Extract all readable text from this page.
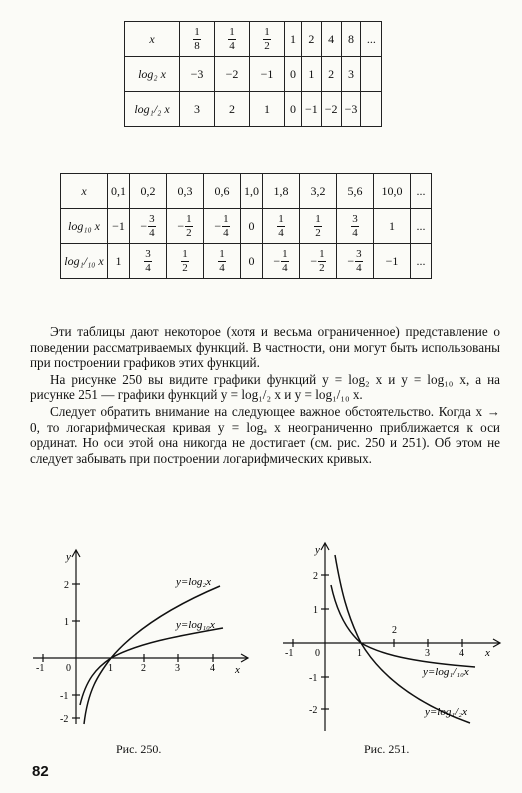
x	$\frac{1}{8}$	$\frac{1}{4}$	$\frac{1}{2}$	1	2	4	8	...
log₂ x	−3	−2	−1	0	1	2	3	
log₁/₂ x	3	2	1	0	−1	−2	−3	
x	0,1	0,2	0,3	0,6	1,0	1,8	3,2	5,6	10,0	...
log₁₀ x	−1	− $\frac{3}{4}$	− $\frac{1}{2}$	− $\frac{1}{4}$	0	$\frac{1}{4}$	$\frac{1}{2}$	$\frac{3}{4}$	1	...
log₁/₁₀ x	1	$\frac{3}{4}$	$\frac{1}{2}$	$\frac{1}{4}$	0	− $\frac{1}{4}$	− $\frac{1}{2}$	− $\frac{3}{4}$	−1	...

Эти таблицы дают некоторое (хотя и весьма ограниченное) представление о поведении рассматриваемых функций. В частности, они могут быть использованы при построении графиков этих функций.

На рисунке 250 вы видите графики функций y = log₂ x и y = log₁₀ x, а на рисунке 251 — графики функций y = log₁/₂ x и y = log₁/₁₀ x.

Следует обратить внимание на следующее важное обстоятельство. Когда x → 0, то логарифмическая кривая y = logₐ x неограниченно приближается к оси ординат. Но оси этой она никогда не достигает (см. рис. 250 и 251). Об этом не следует забывать при построении логарифмических кривых.

y
x
y=log₂x
y=log₁₀x
-1 0	1	2	3	4
2
1
-1
-2
Рис. 250.
y
x
y=log₁/₁₀x
y=log₁/₂x
-1 0	1
2
3	4
2
1
-1
-2
Рис. 251.
82
